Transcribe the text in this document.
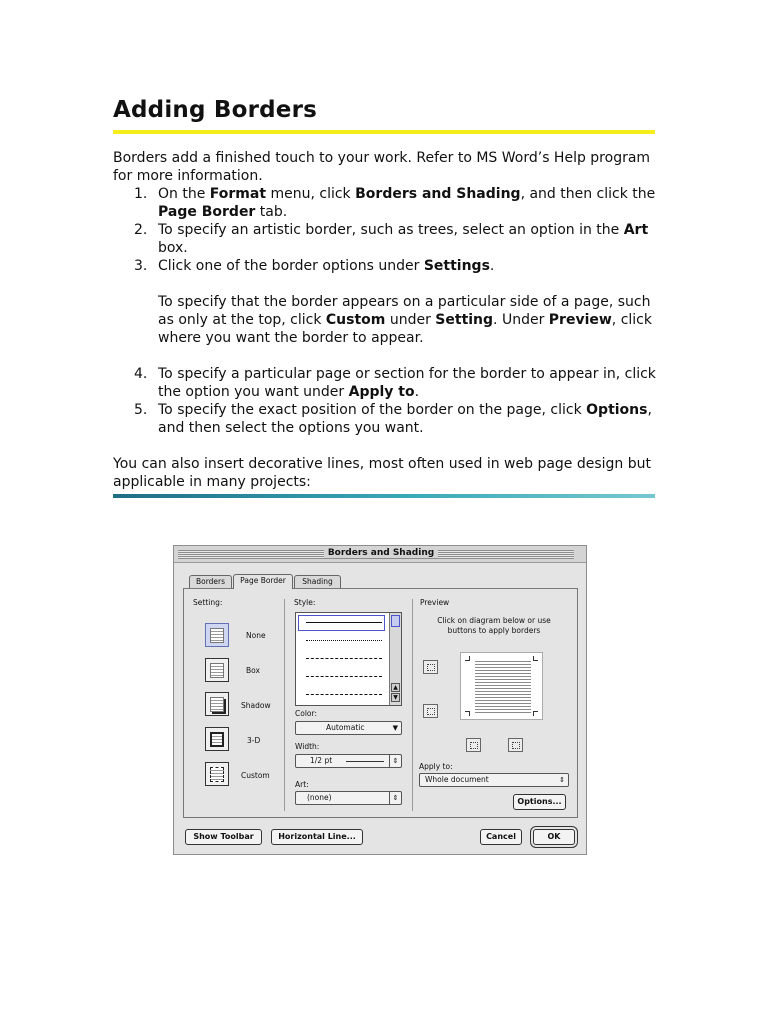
Adding Borders

Borders add a finished touch to your work. Refer to MS Word’s Help program for more information.

1. On the Format menu, click Borders and Shading, and then click the Page Border tab.
2. To specify an artistic border, such as trees, select an option in the Art box.
3. Click one of the border options under Settings.
To specify that the border appears on a particular side of a page, such as only at the top, click Custom under Setting. Under Preview, click where you want the border to appear.
4. To specify a particular page or section for the border to appear in, click the option you want under Apply to.
5. To specify the exact position of the border on the page, click Options, and then select the options you want.

You can also insert decorative lines, most often used in web page design but applicable in many projects:

Borders and Shading
Borders	Page Border	Shading
Setting:
None
Box
Shadow
3-D
Custom
Style:
▲
▼
Color:
Automatic	▼
Width:
1/2 pt	⇕
Art:
(none)	⇕
Preview
Click on diagram below or use buttons to apply borders
Apply to:
Whole document	⇕
Options...
Show Toolbar	Horizontal Line...	Cancel	OK
